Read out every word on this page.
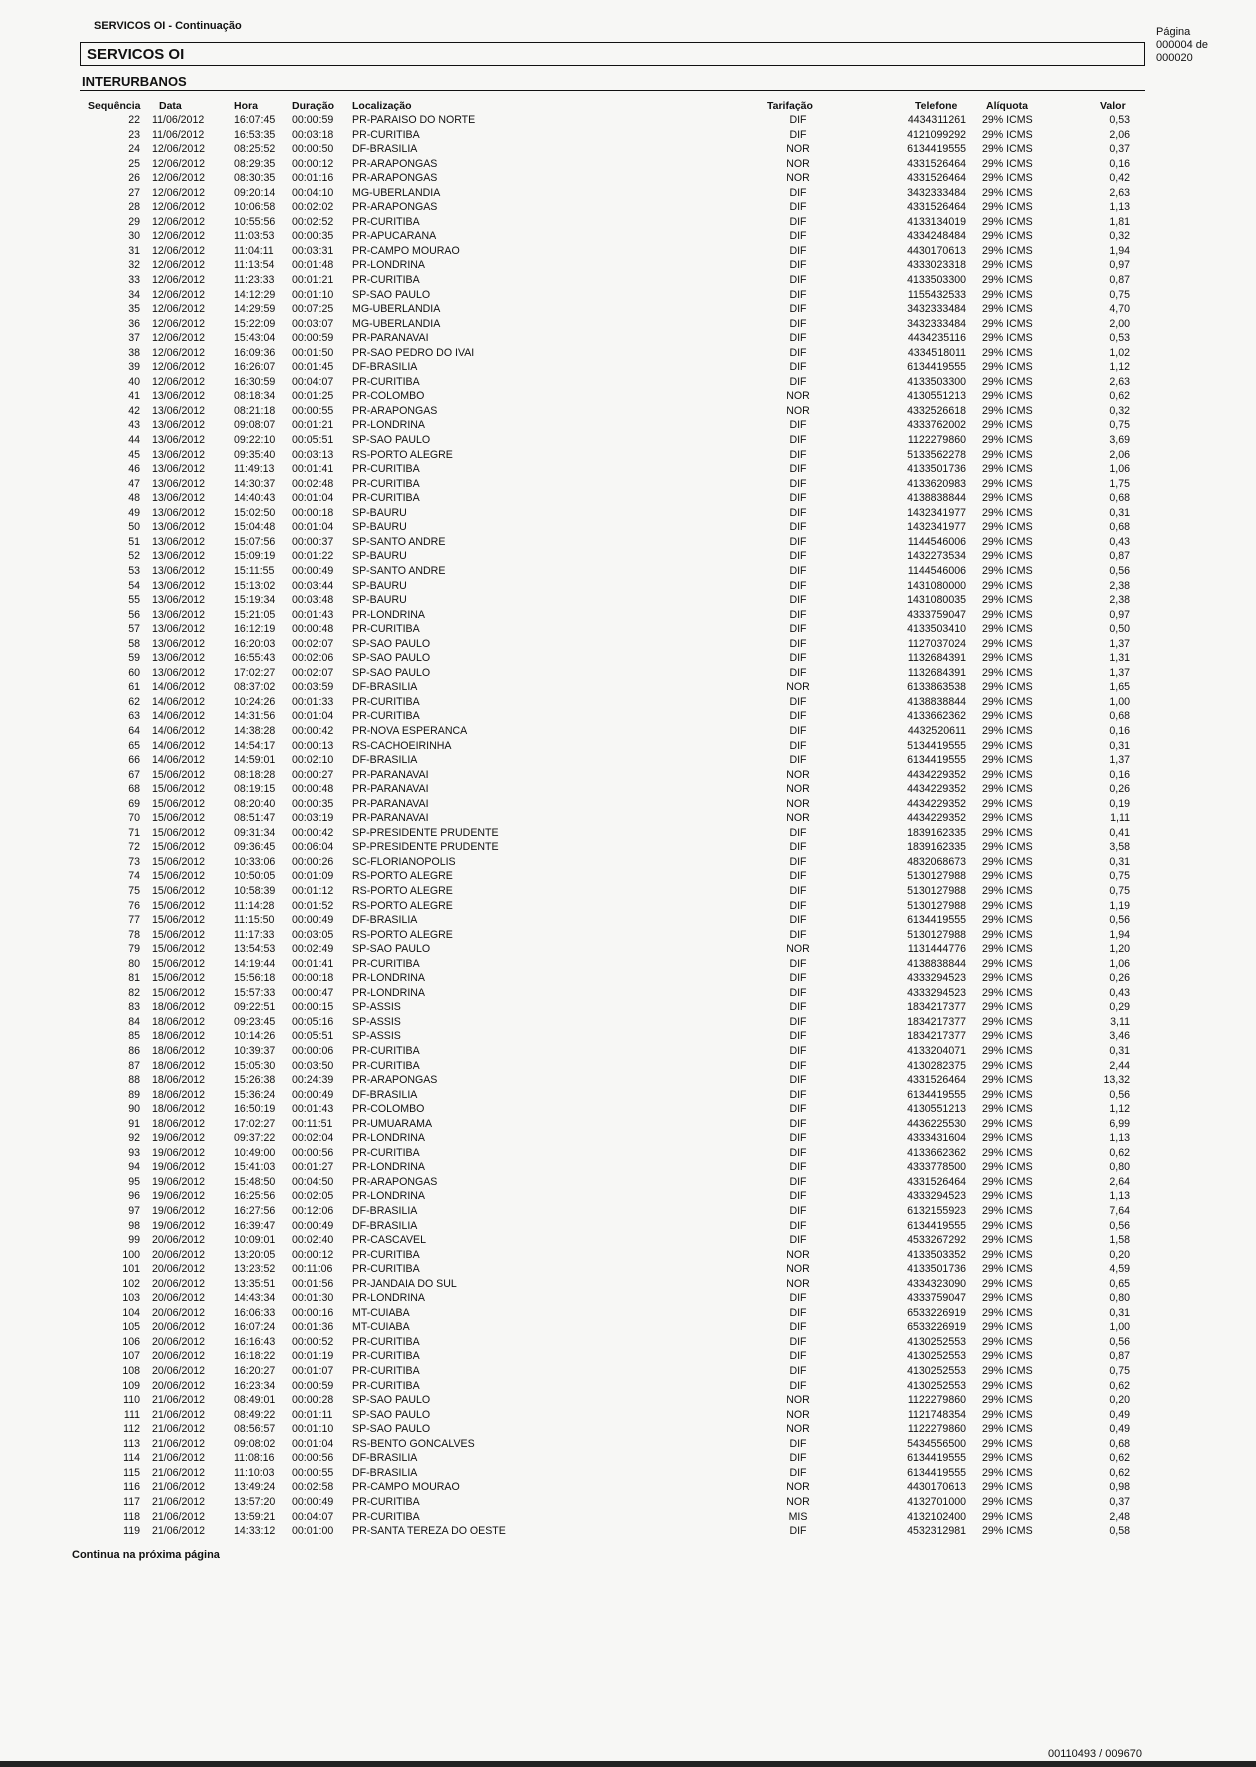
SERVICOS OI - Continuação	Página
000004 de
000020
SERVICOS OI
INTERURBANOS
Sequência Data	Hora	Duração Localização	Tarifação	Telefone	Alíquota	Valor
22 11/06/2012	16:07:45 00:00:59 PR-PARAISO DO NORTE	DIF	4434311261 29% ICMS	0,53
23 11/06/2012	16:53:35 00:03:18 PR-CURITIBA	DIF	4121099292 29% ICMS	2,06
24 12/06/2012	08:25:52 00:00:50 DF-BRASILIA	NOR	6134419555 29% ICMS	0,37
25 12/06/2012	08:29:35 00:00:12 PR-ARAPONGAS	NOR	4331526464 29% ICMS	0,16
26 12/06/2012	08:30:35 00:01:16 PR-ARAPONGAS	NOR	4331526464 29% ICMS	0,42
27 12/06/2012	09:20:14 00:04:10 MG-UBERLANDIA	DIF	3432333484 29% ICMS	2,63
28 12/06/2012	10:06:58 00:02:02 PR-ARAPONGAS	DIF	4331526464 29% ICMS	1,13
29 12/06/2012	10:55:56 00:02:52 PR-CURITIBA	DIF	4133134019 29% ICMS	1,81
30 12/06/2012	11:03:53 00:00:35 PR-APUCARANA	DIF	4334248484 29% ICMS	0,32
31 12/06/2012	11:04:11 00:03:31 PR-CAMPO MOURAO	DIF	4430170613 29% ICMS	1,94
32 12/06/2012	11:13:54 00:01:48 PR-LONDRINA	DIF	4333023318 29% ICMS	0,97
33 12/06/2012	11:23:33 00:01:21 PR-CURITIBA	DIF	4133503300 29% ICMS	0,87
34 12/06/2012	14:12:29 00:01:10 SP-SAO PAULO	DIF	1155432533 29% ICMS	0,75
35 12/06/2012	14:29:59 00:07:25 MG-UBERLANDIA	DIF	3432333484 29% ICMS	4,70
36 12/06/2012	15:22:09 00:03:07 MG-UBERLANDIA	DIF	3432333484 29% ICMS	2,00
37 12/06/2012	15:43:04 00:00:59 PR-PARANAVAI	DIF	4434235116 29% ICMS	0,53
38 12/06/2012	16:09:36 00:01:50 PR-SAO PEDRO DO IVAI	DIF	4334518011 29% ICMS	1,02
39 12/06/2012	16:26:07 00:01:45 DF-BRASILIA	DIF	6134419555 29% ICMS	1,12
40 12/06/2012	16:30:59 00:04:07 PR-CURITIBA	DIF	4133503300 29% ICMS	2,63
41 13/06/2012	08:18:34 00:01:25 PR-COLOMBO	NOR	4130551213 29% ICMS	0,62
42 13/06/2012	08:21:18 00:00:55 PR-ARAPONGAS	NOR	4332526618 29% ICMS	0,32
43 13/06/2012	09:08:07 00:01:21 PR-LONDRINA	DIF	4333762002 29% ICMS	0,75
44 13/06/2012	09:22:10 00:05:51 SP-SAO PAULO	DIF	1122279860 29% ICMS	3,69
45 13/06/2012	09:35:40 00:03:13 RS-PORTO ALEGRE	DIF	5133562278 29% ICMS	2,06
46 13/06/2012	11:49:13 00:01:41 PR-CURITIBA	DIF	4133501736 29% ICMS	1,06
47 13/06/2012	14:30:37 00:02:48 PR-CURITIBA	DIF	4133620983 29% ICMS	1,75
48 13/06/2012	14:40:43 00:01:04 PR-CURITIBA	DIF	4138838844 29% ICMS	0,68
49 13/06/2012	15:02:50 00:00:18 SP-BAURU	DIF	1432341977 29% ICMS	0,31
50 13/06/2012	15:04:48 00:01:04 SP-BAURU	DIF	1432341977 29% ICMS	0,68
51 13/06/2012	15:07:56 00:00:37 SP-SANTO ANDRE	DIF	1144546006 29% ICMS	0,43
52 13/06/2012	15:09:19 00:01:22 SP-BAURU	DIF	1432273534 29% ICMS	0,87
53 13/06/2012	15:11:55 00:00:49 SP-SANTO ANDRE	DIF	1144546006 29% ICMS	0,56
54 13/06/2012	15:13:02 00:03:44 SP-BAURU	DIF	1431080000 29% ICMS	2,38
55 13/06/2012	15:19:34 00:03:48 SP-BAURU	DIF	1431080035 29% ICMS	2,38
56 13/06/2012	15:21:05 00:01:43 PR-LONDRINA	DIF	4333759047 29% ICMS	0,97
57 13/06/2012	16:12:19 00:00:48 PR-CURITIBA	DIF	4133503410 29% ICMS	0,50
58 13/06/2012	16:20:03 00:02:07 SP-SAO PAULO	DIF	1127037024 29% ICMS	1,37
59 13/06/2012	16:55:43 00:02:06 SP-SAO PAULO	DIF	1132684391 29% ICMS	1,31
60 13/06/2012	17:02:27 00:02:07 SP-SAO PAULO	DIF	1132684391 29% ICMS	1,37
61 14/06/2012	08:37:02 00:03:59 DF-BRASILIA	NOR	6133863538 29% ICMS	1,65
62 14/06/2012	10:24:26 00:01:33 PR-CURITIBA	DIF	4138838844 29% ICMS	1,00
63 14/06/2012	14:31:56 00:01:04 PR-CURITIBA	DIF	4133662362 29% ICMS	0,68
64 14/06/2012	14:38:28 00:00:42 PR-NOVA ESPERANCA	DIF	4432520611 29% ICMS	0,16
65 14/06/2012	14:54:17 00:00:13 RS-CACHOEIRINHA	DIF	5134419555 29% ICMS	0,31
66 14/06/2012	14:59:01 00:02:10 DF-BRASILIA	DIF	6134419555 29% ICMS	1,37
67 15/06/2012	08:18:28 00:00:27 PR-PARANAVAI	NOR	4434229352 29% ICMS	0,16
68 15/06/2012	08:19:15 00:00:48 PR-PARANAVAI	NOR	4434229352 29% ICMS	0,26
69 15/06/2012	08:20:40 00:00:35 PR-PARANAVAI	NOR	4434229352 29% ICMS	0,19
70 15/06/2012	08:51:47 00:03:19 PR-PARANAVAI	NOR	4434229352 29% ICMS	1,11
71 15/06/2012	09:31:34 00:00:42 SP-PRESIDENTE PRUDENTE	DIF	1839162335 29% ICMS	0,41
72 15/06/2012	09:36:45 00:06:04 SP-PRESIDENTE PRUDENTE	DIF	1839162335 29% ICMS	3,58
73 15/06/2012	10:33:06 00:00:26 SC-FLORIANOPOLIS	DIF	4832068673 29% ICMS	0,31
74 15/06/2012	10:50:05 00:01:09 RS-PORTO ALEGRE	DIF	5130127988 29% ICMS	0,75
75 15/06/2012	10:58:39 00:01:12 RS-PORTO ALEGRE	DIF	5130127988 29% ICMS	0,75
76 15/06/2012	11:14:28 00:01:52 RS-PORTO ALEGRE	DIF	5130127988 29% ICMS	1,19
77 15/06/2012	11:15:50 00:00:49 DF-BRASILIA	DIF	6134419555 29% ICMS	0,56
78 15/06/2012	11:17:33 00:03:05 RS-PORTO ALEGRE	DIF	5130127988 29% ICMS	1,94
79 15/06/2012	13:54:53 00:02:49 SP-SAO PAULO	NOR	1131444776 29% ICMS	1,20
80 15/06/2012	14:19:44 00:01:41 PR-CURITIBA	DIF	4138838844 29% ICMS	1,06
81 15/06/2012	15:56:18 00:00:18 PR-LONDRINA	DIF	4333294523 29% ICMS	0,26
82 15/06/2012	15:57:33 00:00:47 PR-LONDRINA	DIF	4333294523 29% ICMS	0,43
83 18/06/2012	09:22:51 00:00:15 SP-ASSIS	DIF	1834217377 29% ICMS	0,29
84 18/06/2012	09:23:45 00:05:16 SP-ASSIS	DIF	1834217377 29% ICMS	3,11
85 18/06/2012	10:14:26 00:05:51 SP-ASSIS	DIF	1834217377 29% ICMS	3,46
86 18/06/2012	10:39:37 00:00:06 PR-CURITIBA	DIF	4133204071 29% ICMS	0,31
87 18/06/2012	15:05:30 00:03:50 PR-CURITIBA	DIF	4130282375 29% ICMS	2,44
88 18/06/2012	15:26:38 00:24:39 PR-ARAPONGAS	DIF	4331526464 29% ICMS	13,32
89 18/06/2012	15:36:24 00:00:49 DF-BRASILIA	DIF	6134419555 29% ICMS	0,56
90 18/06/2012	16:50:19 00:01:43 PR-COLOMBO	DIF	4130551213 29% ICMS	1,12
91 18/06/2012	17:02:27 00:11:51 PR-UMUARAMA	DIF	4436225530 29% ICMS	6,99
92 19/06/2012	09:37:22 00:02:04 PR-LONDRINA	DIF	4333431604 29% ICMS	1,13
93 19/06/2012	10:49:00 00:00:56 PR-CURITIBA	DIF	4133662362 29% ICMS	0,62
94 19/06/2012	15:41:03 00:01:27 PR-LONDRINA	DIF	4333778500 29% ICMS	0,80
95 19/06/2012	15:48:50 00:04:50 PR-ARAPONGAS	DIF	4331526464 29% ICMS	2,64
96 19/06/2012	16:25:56 00:02:05 PR-LONDRINA	DIF	4333294523 29% ICMS	1,13
97 19/06/2012	16:27:56 00:12:06 DF-BRASILIA	DIF	6132155923 29% ICMS	7,64
98 19/06/2012	16:39:47 00:00:49 DF-BRASILIA	DIF	6134419555 29% ICMS	0,56
99 20/06/2012	10:09:01 00:02:40 PR-CASCAVEL	DIF	4533267292 29% ICMS	1,58
100 20/06/2012	13:20:05 00:00:12 PR-CURITIBA	NOR	4133503352 29% ICMS	0,20
101 20/06/2012	13:23:52 00:11:06 PR-CURITIBA	NOR	4133501736 29% ICMS	4,59
102 20/06/2012	13:35:51 00:01:56 PR-JANDAIA DO SUL	NOR	4334323090 29% ICMS	0,65
103 20/06/2012	14:43:34 00:01:30 PR-LONDRINA	DIF	4333759047 29% ICMS	0,80
104 20/06/2012	16:06:33 00:00:16 MT-CUIABA	DIF	6533226919 29% ICMS	0,31
105 20/06/2012	16:07:24 00:01:36 MT-CUIABA	DIF	6533226919 29% ICMS	1,00
106 20/06/2012	16:16:43 00:00:52 PR-CURITIBA	DIF	4130252553 29% ICMS	0,56
107 20/06/2012	16:18:22 00:01:19 PR-CURITIBA	DIF	4130252553 29% ICMS	0,87
108 20/06/2012	16:20:27 00:01:07 PR-CURITIBA	DIF	4130252553 29% ICMS	0,75
109 20/06/2012	16:23:34 00:00:59 PR-CURITIBA	DIF	4130252553 29% ICMS	0,62
110 21/06/2012	08:49:01 00:00:28 SP-SAO PAULO	NOR	1122279860 29% ICMS	0,20
111 21/06/2012	08:49:22 00:01:11 SP-SAO PAULO	NOR	1121748354 29% ICMS	0,49
112 21/06/2012	08:56:57 00:01:10 SP-SAO PAULO	NOR	1122279860 29% ICMS	0,49
113 21/06/2012	09:08:02 00:01:04 RS-BENTO GONCALVES	DIF	5434556500 29% ICMS	0,68
114 21/06/2012	11:08:16 00:00:56 DF-BRASILIA	DIF	6134419555 29% ICMS	0,62
115 21/06/2012	11:10:03 00:00:55 DF-BRASILIA	DIF	6134419555 29% ICMS	0,62
116 21/06/2012	13:49:24 00:02:58 PR-CAMPO MOURAO	NOR	4430170613 29% ICMS	0,98
117 21/06/2012	13:57:20 00:00:49 PR-CURITIBA	NOR	4132701000 29% ICMS	0,37
118 21/06/2012	13:59:21 00:04:07 PR-CURITIBA	MIS	4132102400 29% ICMS	2,48
119 21/06/2012	14:33:12 00:01:00 PR-SANTA TEREZA DO OESTE	DIF	4532312981 29% ICMS	0,58
Continua na próxima página
00110493 / 009670
